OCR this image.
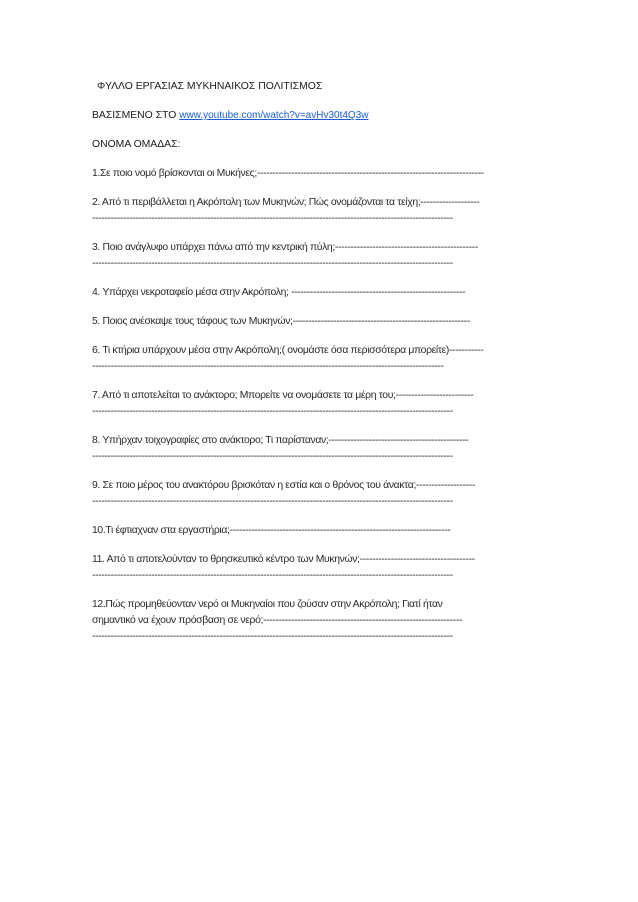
ΦΥΛΛΟ ΕΡΓΑΣΙΑΣ ΜΥΚΗΝΑΙΚΟΣ ΠΟΛΙΤΙΣΜΟΣ
ΒΑΣΙΣΜΕΝΟ ΣΤΟ www.youtube.com/watch?v=avHv30t4Q3w
ΟΝΟΜΑ ΟΜΑΔΑΣ:
1.Σε ποιο νομό βρίσκονται οι Μυκήνες;-------------------------------------------------------------------------
2. Από τι περιβάλλεται η Ακρόπολη των Μυκηνών; Πώς ονομάζονται τα τείχη;-------------------
--------------------------------------------------------------------------------------------------------------------
3. Ποιο ανάγλυφο υπάρχει πάνω από την κεντρική πύλη;----------------------------------------------
--------------------------------------------------------------------------------------------------------------------
4. Υπάρχει νεκροταφείο μέσα στην Ακρόπολη; --------------------------------------------------------
5. Ποιος ανέσκαψε τους τάφους των Μυκηνών;---------------------------------------------------------
6. Τι κτήρια υπάρχουν μέσα στην Ακρόπολη;( ονομάστε όσα περισσότερα μπορείτε)-----------
-----------------------------------------------------------------------------------------------------------------
7. Από τι αποτελείται το ανάκτορο; Μπορείτε να ονομάσετε τα μέρη του;-------------------------
--------------------------------------------------------------------------------------------------------------------
8. Υπήρχαν τοιχογραφίες στο ανάκτορο; Τι παρίσταναν;---------------------------------------------
--------------------------------------------------------------------------------------------------------------------
9. Σε ποιο μέρος του ανακτόρου βρισκόταν η εστία και ο θρόνος του άνακτα;-------------------
--------------------------------------------------------------------------------------------------------------------
10.Τι έφτιαχναν στα εργαστήρια;-----------------------------------------------------------------------
11. Από τι αποτελούνταν το θρησκευτικό κέντρο των Μυκηνών;-------------------------------------
--------------------------------------------------------------------------------------------------------------------
12.Πώς προμηθεύονταν νερό οι Μυκηναίοι που ζούσαν στην Ακρόπολη; Γιατί ήταν
σημαντικό να έχουν πρόσβαση σε νερό;----------------------------------------------------------------
--------------------------------------------------------------------------------------------------------------------
